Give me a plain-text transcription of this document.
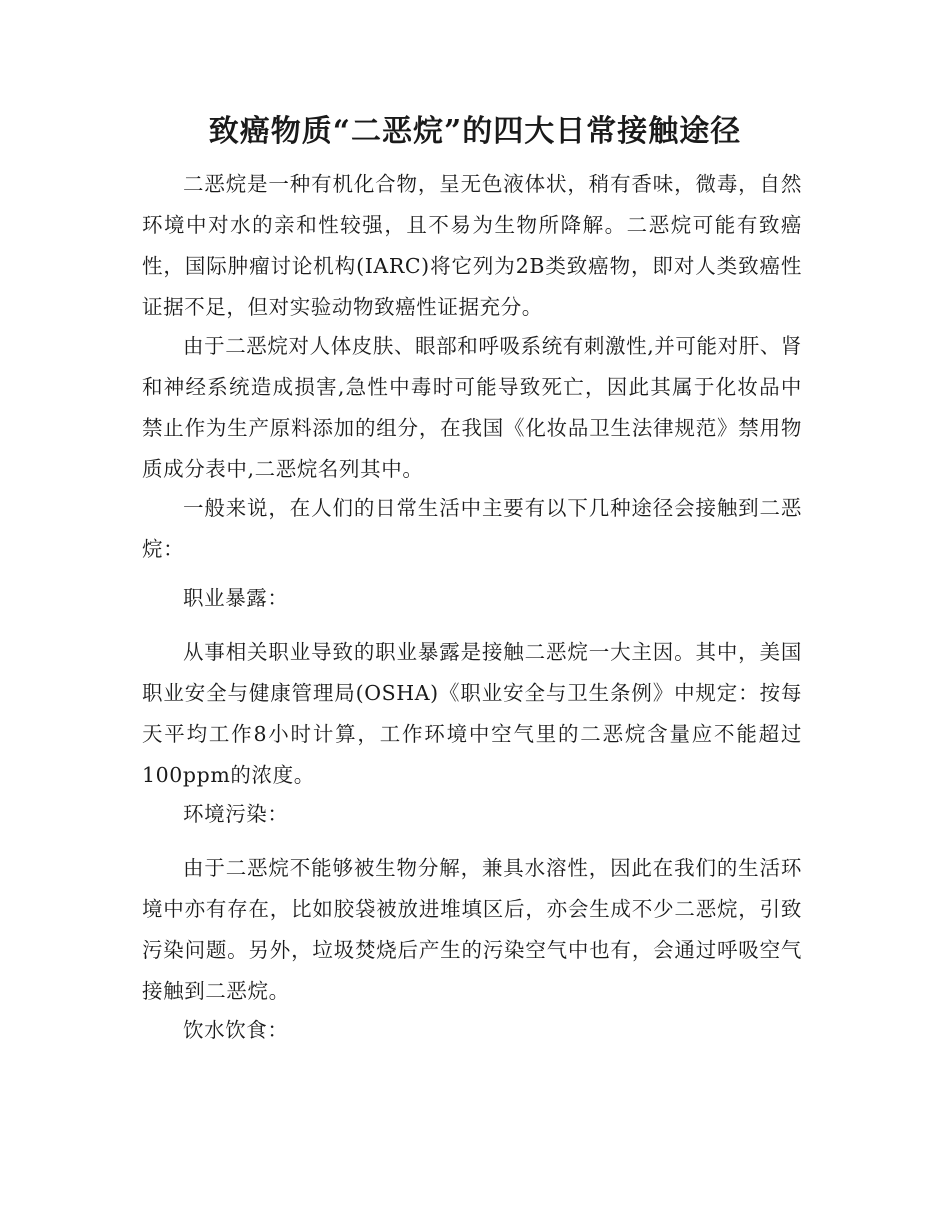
致癌物质“二恶烷”的四大日常接触途径

二恶烷是一种有机化合物，呈无色液体状，稍有香味，微毒，自然环境中对水的亲和性较强，且不易为生物所降解。二恶烷可能有致癌性，国际肿瘤讨论机构(IARC)将它列为2B类致癌物，即对人类致癌性证据不足，但对实验动物致癌性证据充分。

由于二恶烷对人体皮肤、眼部和呼吸系统有刺激性,并可能对肝、肾和神经系统造成损害,急性中毒时可能导致死亡，因此其属于化妆品中禁止作为生产原料添加的组分，在我国《化妆品卫生法律规范》禁用物质成分表中,二恶烷名列其中。

一般来说，在人们的日常生活中主要有以下几种途径会接触到二恶烷：

职业暴露：

从事相关职业导致的职业暴露是接触二恶烷一大主因。其中，美国职业安全与健康管理局(OSHA)《职业安全与卫生条例》中规定：按每天平均工作8小时计算，工作环境中空气里的二恶烷含量应不能超过100ppm的浓度。

环境污染：

由于二恶烷不能够被生物分解，兼具水溶性，因此在我们的生活环境中亦有存在，比如胶袋被放进堆填区后，亦会生成不少二恶烷，引致污染问题。另外，垃圾焚烧后产生的污染空气中也有，会通过呼吸空气接触到二恶烷。

饮水饮食：
